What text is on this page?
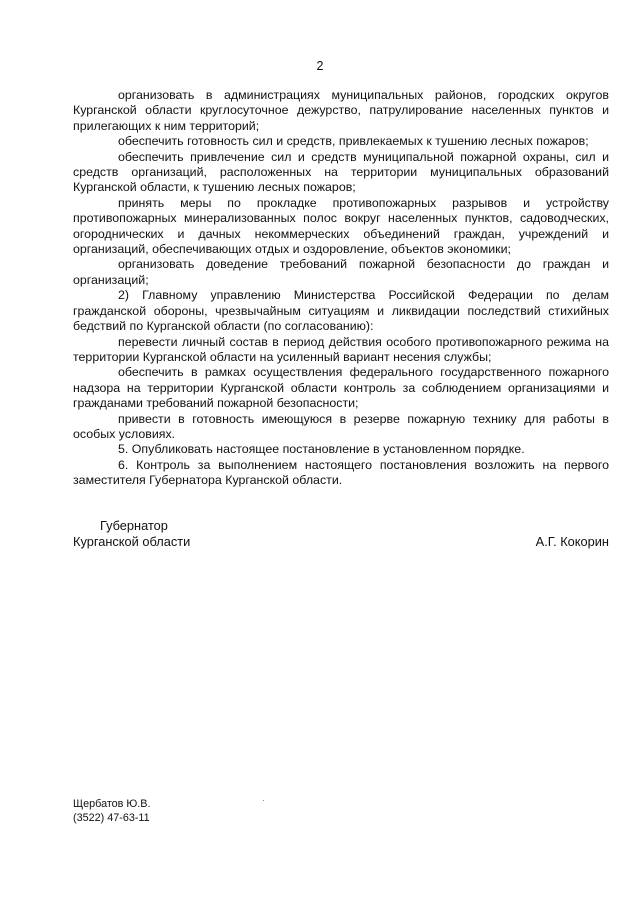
2

организовать в администрациях муниципальных районов, городских округов Курганской области круглосуточное дежурство, патрулирование населенных пунктов и прилегающих к ним территорий;

обеспечить готовность сил и средств, привлекаемых к тушению лесных пожаров;

обеспечить привлечение сил и средств муниципальной пожарной охраны, сил и средств организаций, расположенных на территории муниципальных образований Курганской области, к тушению лесных пожаров;

принять меры по прокладке противопожарных разрывов и устройству противопожарных минерализованных полос вокруг населенных пунктов, садоводческих, огороднических и дачных некоммерческих объединений граждан, учреждений и организаций, обеспечивающих отдых и оздоровление, объектов экономики;

организовать доведение требований пожарной безопасности до граждан и организаций;

2) Главному управлению Министерства Российской Федерации по делам гражданской обороны, чрезвычайным ситуациям и ликвидации последствий стихийных бедствий по Курганской области (по согласованию):

перевести личный состав в период действия особого противопожарного режима на территории Курганской области на усиленный вариант несения службы;

обеспечить в рамках осуществления федерального государственного пожарного надзора на территории Курганской области контроль за соблюдением организациями и гражданами требований пожарной безопасности;

привести в готовность имеющуюся в резерве пожарную технику для работы в особых условиях.

5. Опубликовать настоящее постановление в установленном порядке.

6. Контроль за выполнением настоящего постановления возложить на первого заместителя Губернатора Курганской области.

Губернатор
Курганской области	А.Г. Кокорин
Щербатов Ю.В.
(3522) 47-63-11
